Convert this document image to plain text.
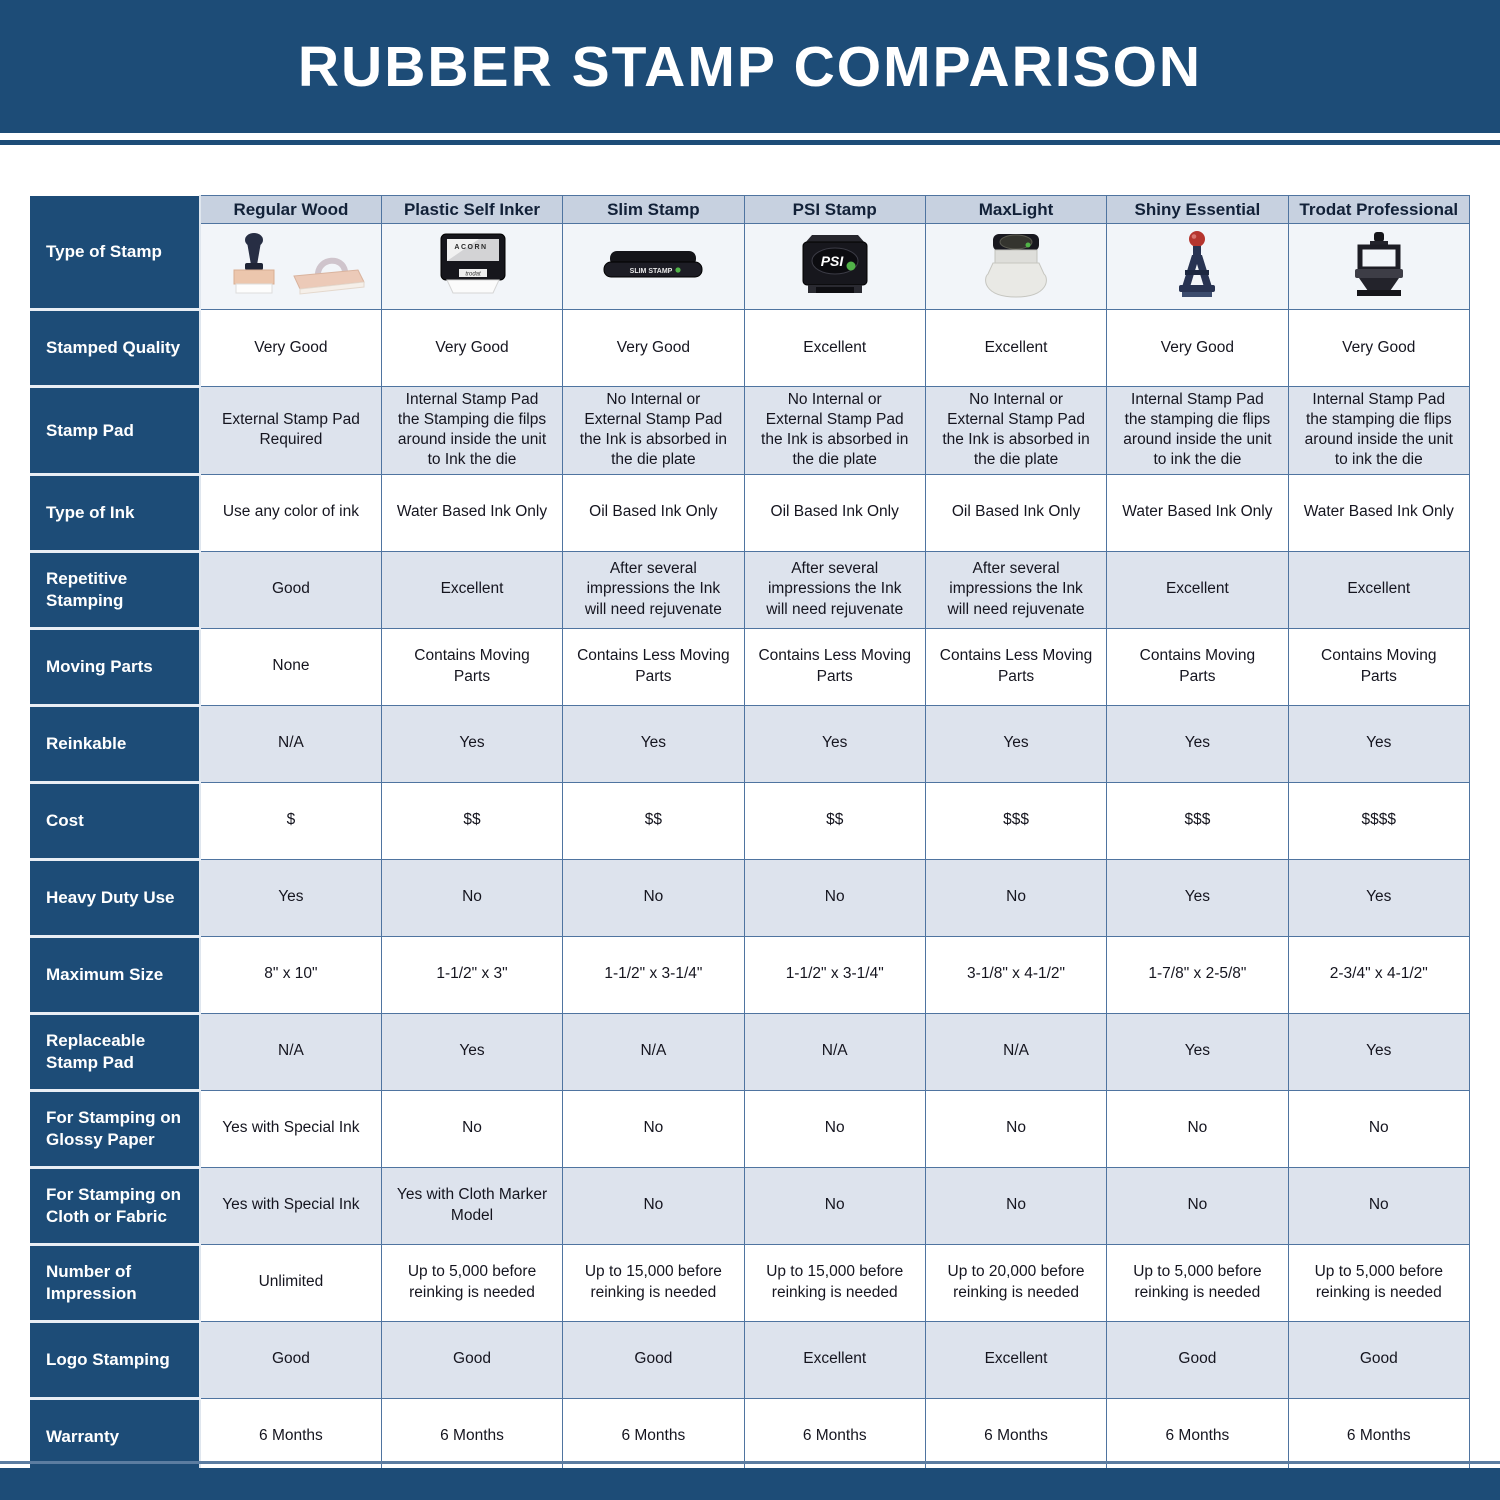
RUBBER STAMP COMPARISON
Type of Stamp	Regular Wood	Plastic Self Inker	Slim Stamp	PSI Stamp	MaxLight	Shiny Essential	Trodat Professional

ACORN
trodat	SLIM STAMP	PSI

Stamped Quality	Very Good	Very Good	Very Good	Excellent	Excellent	Very Good	Very Good
Stamp Pad	External Stamp Pad Required	Internal Stamp Pad the Stamping die filps around inside the unit to Ink the die	No Internal or External Stamp Pad the Ink is absorbed in the die plate	No Internal or External Stamp Pad the Ink is absorbed in the die plate	No Internal or External Stamp Pad the Ink is absorbed in the die plate	Internal Stamp Pad the stamping die flips around inside the unit to ink the die	Internal Stamp Pad the stamping die flips around inside the unit to ink the die
Type of Ink	Use any color of ink	Water Based Ink Only	Oil Based Ink Only	Oil Based Ink Only	Oil Based Ink Only	Water Based Ink Only	Water Based Ink Only
Repetitive Stamping	Good	Excellent	After several impressions the Ink will need rejuvenate	After several impressions the Ink will need rejuvenate	After several impressions the Ink will need rejuvenate	Excellent	Excellent
Moving Parts	None	Contains Moving Parts	Contains Less Moving Parts	Contains Less Moving Parts	Contains Less Moving Parts	Contains Moving Parts	Contains Moving Parts
Reinkable	N/A	Yes	Yes	Yes	Yes	Yes	Yes
Cost	$	$$	$$	$$	$$$	$$$	$$$$
Heavy Duty Use	Yes	No	No	No	No	Yes	Yes
Maximum Size	8" x 10"	1-1/2" x 3"	1-1/2" x 3-1/4"	1-1/2" x 3-1/4"	3-1/8" x 4-1/2"	1-7/8" x 2-5/8"	2-3/4" x 4-1/2"
Replaceable Stamp Pad	N/A	Yes	N/A	N/A	N/A	Yes	Yes
For Stamping on Glossy Paper	Yes with Special Ink	No	No	No	No	No	No
For Stamping on Cloth or Fabric	Yes with Special Ink	Yes with Cloth Marker Model	No	No	No	No	No
Number of Impression	Unlimited	Up to 5,000 before reinking is needed	Up to 15,000 before reinking is needed	Up to 15,000 before reinking is needed	Up to 20,000 before reinking is needed	Up to 5,000 before reinking is needed	Up to 5,000 before reinking is needed
Logo Stamping	Good	Good	Good	Excellent	Excellent	Good	Good
Warranty	6 Months	6 Months	6 Months	6 Months	6 Months	6 Months	6 Months
